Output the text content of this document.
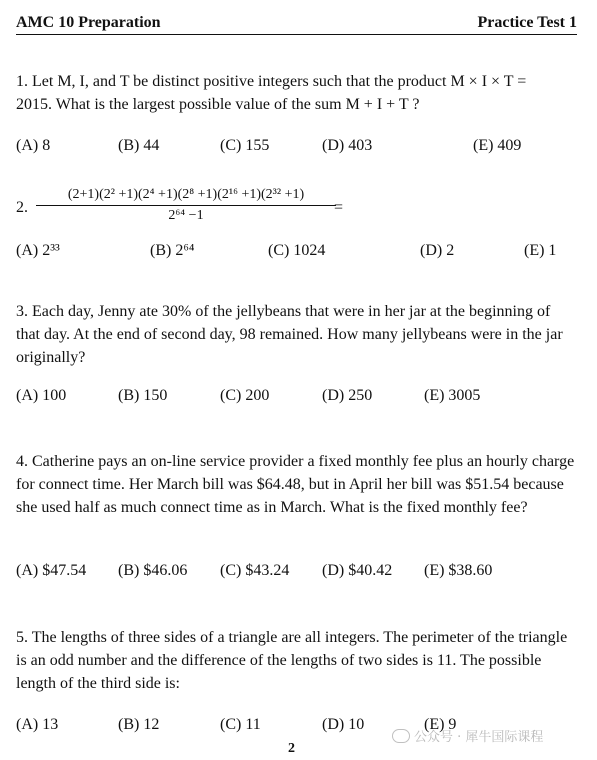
AMC 10 Preparation	Practice Test 1
1. Let M, I, and T be distinct positive integers such that the product M × I × T =
2015. What is the largest possible value of the sum M + I + T ?
(A) 8	(B) 44	(C) 155	(D) 403	(E) 409
2.
(2+1)(2² +1)(2⁴ +1)(2⁸ +1)(2¹⁶ +1)(2³² +1)
2⁶⁴ −1	=
(A) 2³³	(B) 2⁶⁴	(C) 1024	(D) 2	(E) 1

3. Each day, Jenny ate 30% of the jellybeans that were in her jar at the beginning of that day. At the end of second day, 98 remained. How many jellybeans were in the jar originally?

(A) 100	(B) 150	(C) 200	(D) 250	(E) 3005

4. Catherine pays an on-line service provider a fixed monthly fee plus an hourly charge for connect time. Her March bill was $64.48, but in April her bill was $51.54 because she used half as much connect time as in March. What is the fixed monthly fee?

(A) $47.54 (B) $46.06 (C) $43.24 (D) $40.42 (E) $38.60

5. The lengths of three sides of a triangle are all integers. The perimeter of the triangle is an odd number and the difference of the lengths of two sides is 11. The possible length of the third side is:

(A) 13	(B) 12	(C) 11	(D) 10	(E) 9
2
公众号 · 犀牛国际课程
